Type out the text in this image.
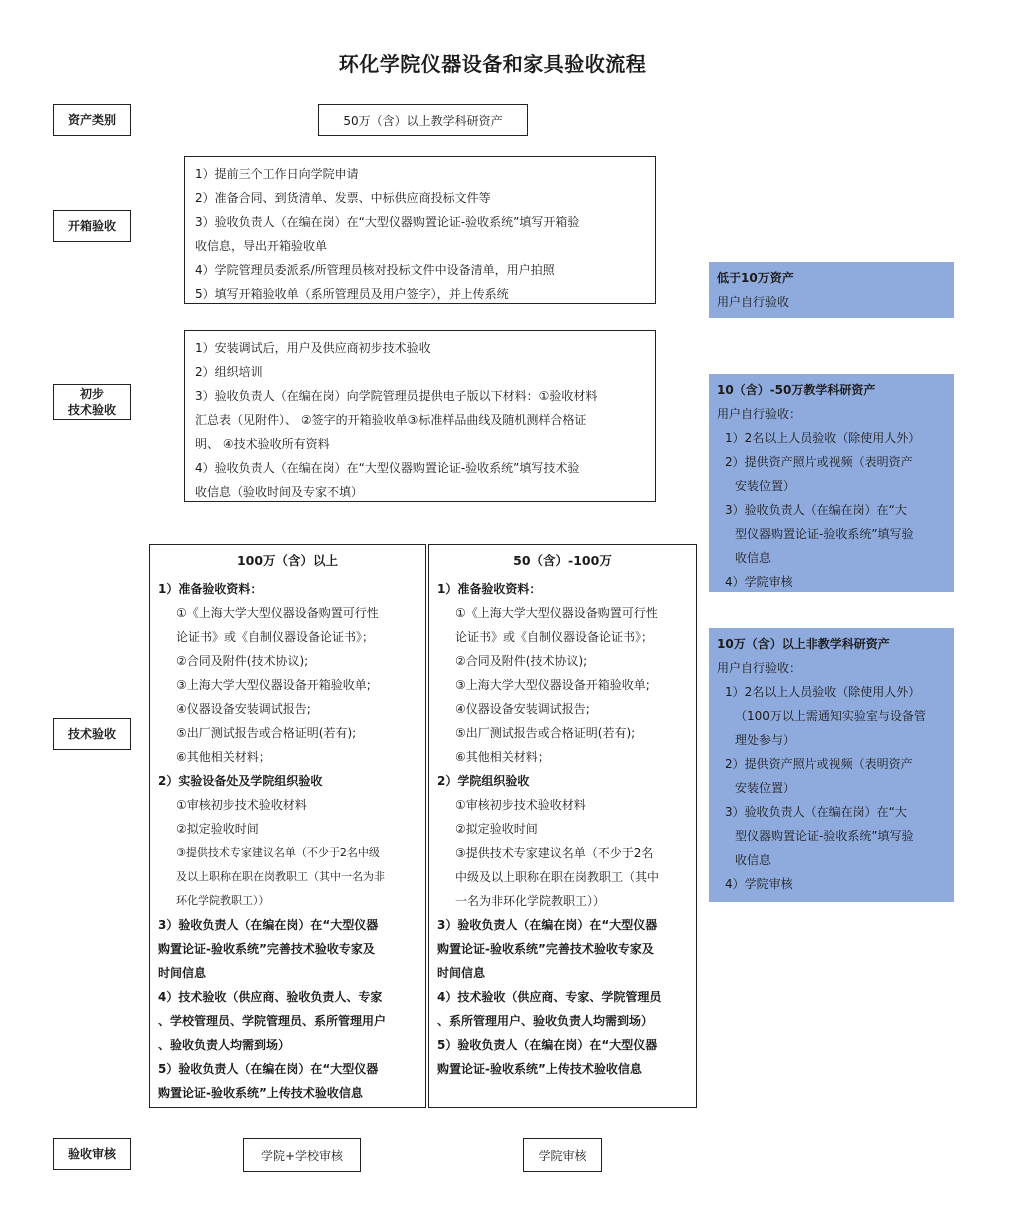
环化学院仪器设备和家具验收流程
资产类别
开箱验收
初步
技术验收
技术验收
验收审核
50万（含）以上教学科研资产
1）提前三个工作日向学院申请
2）准备合同、到货清单、发票、中标供应商投标文件等
3）验收负责人（在编在岗）在“大型仪器购置论证-验收系统”填写开箱验
收信息，导出开箱验收单
4）学院管理员委派系/所管理员核对投标文件中设备清单，用户拍照
5）填写开箱验收单（系所管理员及用户签字），并上传系统
1）安装调试后，用户及供应商初步技术验收
2）组织培训
3）验收负责人（在编在岗）向学院管理员提供电子版以下材料：①验收材料
汇总表（见附件）、 ②签字的开箱验收单③标准样品曲线及随机测样合格证
明、 ④技术验收所有资料
4）验收负责人（在编在岗）在“大型仪器购置论证-验收系统”填写技术验
收信息（验收时间及专家不填）
100万（含）以上
1）准备验收资料：
①《上海大学大型仪器设备购置可行性
论证书》或《自制仪器设备论证书》；
②合同及附件(技术协议);
③上海大学大型仪器设备开箱验收单;
④仪器设备安装调试报告;
⑤出厂测试报告或合格证明(若有);
⑥其他相关材料；
2）实验设备处及学院组织验收
①审核初步技术验收材料
②拟定验收时间
③提供技术专家建议名单（不少于2名中级
及以上职称在职在岗教职工（其中一名为非
环化学院教职工））
3）验收负责人（在编在岗）在“大型仪器
购置论证-验收系统”完善技术验收专家及
时间信息
4）技术验收（供应商、验收负责人、专家
、学校管理员、学院管理员、系所管理用户
、验收负责人均需到场）
5）验收负责人（在编在岗）在“大型仪器
购置论证-验收系统”上传技术验收信息
50（含）-100万
1）准备验收资料：
①《上海大学大型仪器设备购置可行性
论证书》或《自制仪器设备论证书》；
②合同及附件(技术协议);
③上海大学大型仪器设备开箱验收单;
④仪器设备安装调试报告;
⑤出厂测试报告或合格证明(若有);
⑥其他相关材料；
2）学院组织验收
①审核初步技术验收材料
②拟定验收时间
③提供技术专家建议名单（不少于2名
中级及以上职称在职在岗教职工（其中
一名为非环化学院教职工））
3）验收负责人（在编在岗）在“大型仪器
购置论证-验收系统”完善技术验收专家及
时间信息
4）技术验收（供应商、专家、学院管理员
、系所管理用户、验收负责人均需到场）
5）验收负责人（在编在岗）在“大型仪器
购置论证-验收系统”上传技术验收信息
学院+学校审核	学院审核
低于10万资产
用户自行验收
10（含）-50万教学科研资产
用户自行验收：
1）2名以上人员验收（除使用人外）
2）提供资产照片或视频（表明资产
安装位置）
3）验收负责人（在编在岗）在“大
型仪器购置论证-验收系统”填写验
收信息
4）学院审核
10万（含）以上非教学科研资产
用户自行验收：
1）2名以上人员验收（除使用人外）
（100万以上需通知实验室与设备管
理处参与）
2）提供资产照片或视频（表明资产
安装位置）
3）验收负责人（在编在岗）在“大
型仪器购置论证-验收系统”填写验
收信息
4）学院审核
